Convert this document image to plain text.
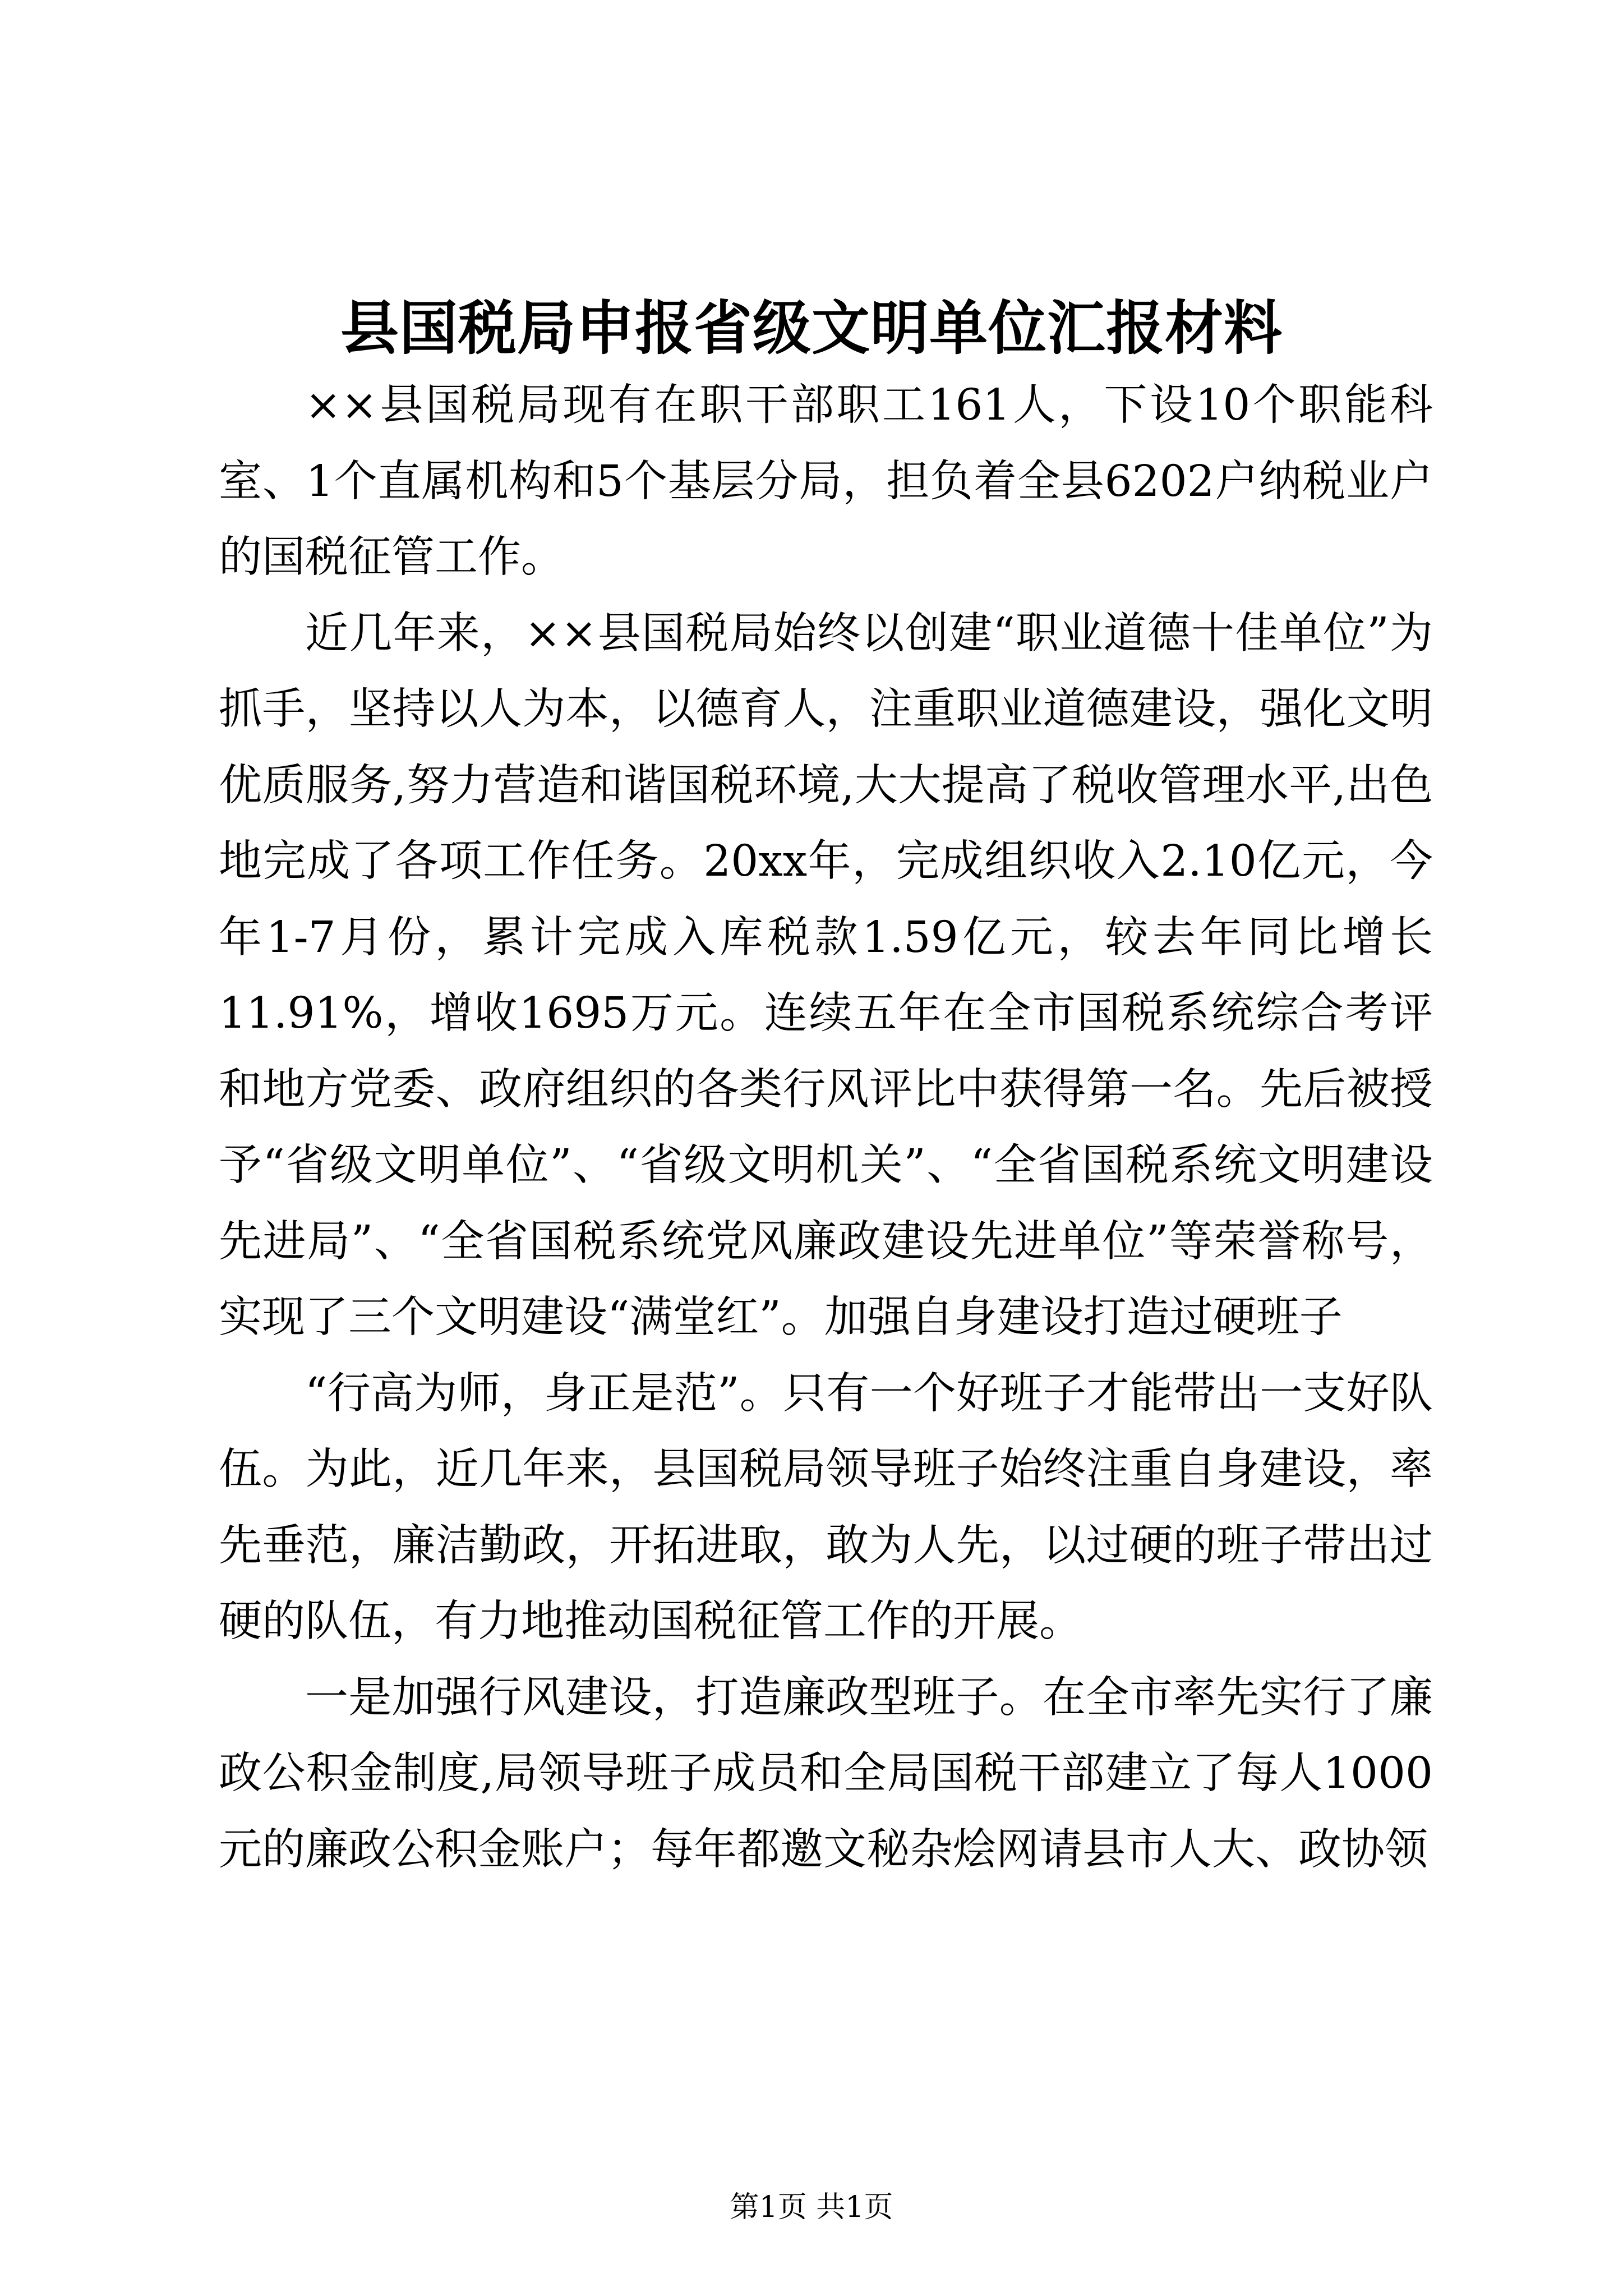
县国税局申报省级文明单位汇报材料

××县国税局现有在职干部职工161人，下设10个职能科室、1个直属机构和5个基层分局，担负着全县6202户纳税业户的国税征管工作。

近几年来，××县国税局始终以创建“职业道德十佳单位”为抓手，坚持以人为本，以德育人，注重职业道德建设，强化文明优质服务,努力营造和谐国税环境,大大提高了税收管理水平,出色地完成了各项工作任务。20xx年，完成组织收入2.10亿元，今年1-7月份，累计完成入库税款1.59亿元，较去年同比增长11.91%，增收1695万元。连续五年在全市国税系统综合考评和地方党委、政府组织的各类行风评比中获得第一名。先后被授予“省级文明单位”、“省级文明机关”、“全省国税系统文明建设先进局”、“全省国税系统党风廉政建设先进单位”等荣誉称号，实现了三个文明建设“满堂红”。加强自身建设打造过硬班子

“行高为师，身正是范”。只有一个好班子才能带出一支好队伍。为此，近几年来，县国税局领导班子始终注重自身建设，率先垂范，廉洁勤政，开拓进取，敢为人先，以过硬的班子带出过硬的队伍，有力地推动国税征管工作的开展。

一是加强行风建设，打造廉政型班子。在全市率先实行了廉政公积金制度,局领导班子成员和全局国税干部建立了每人1000元的廉政公积金账户；每年都邀文秘杂烩网请县市人大、政协领

第1页 共1页
